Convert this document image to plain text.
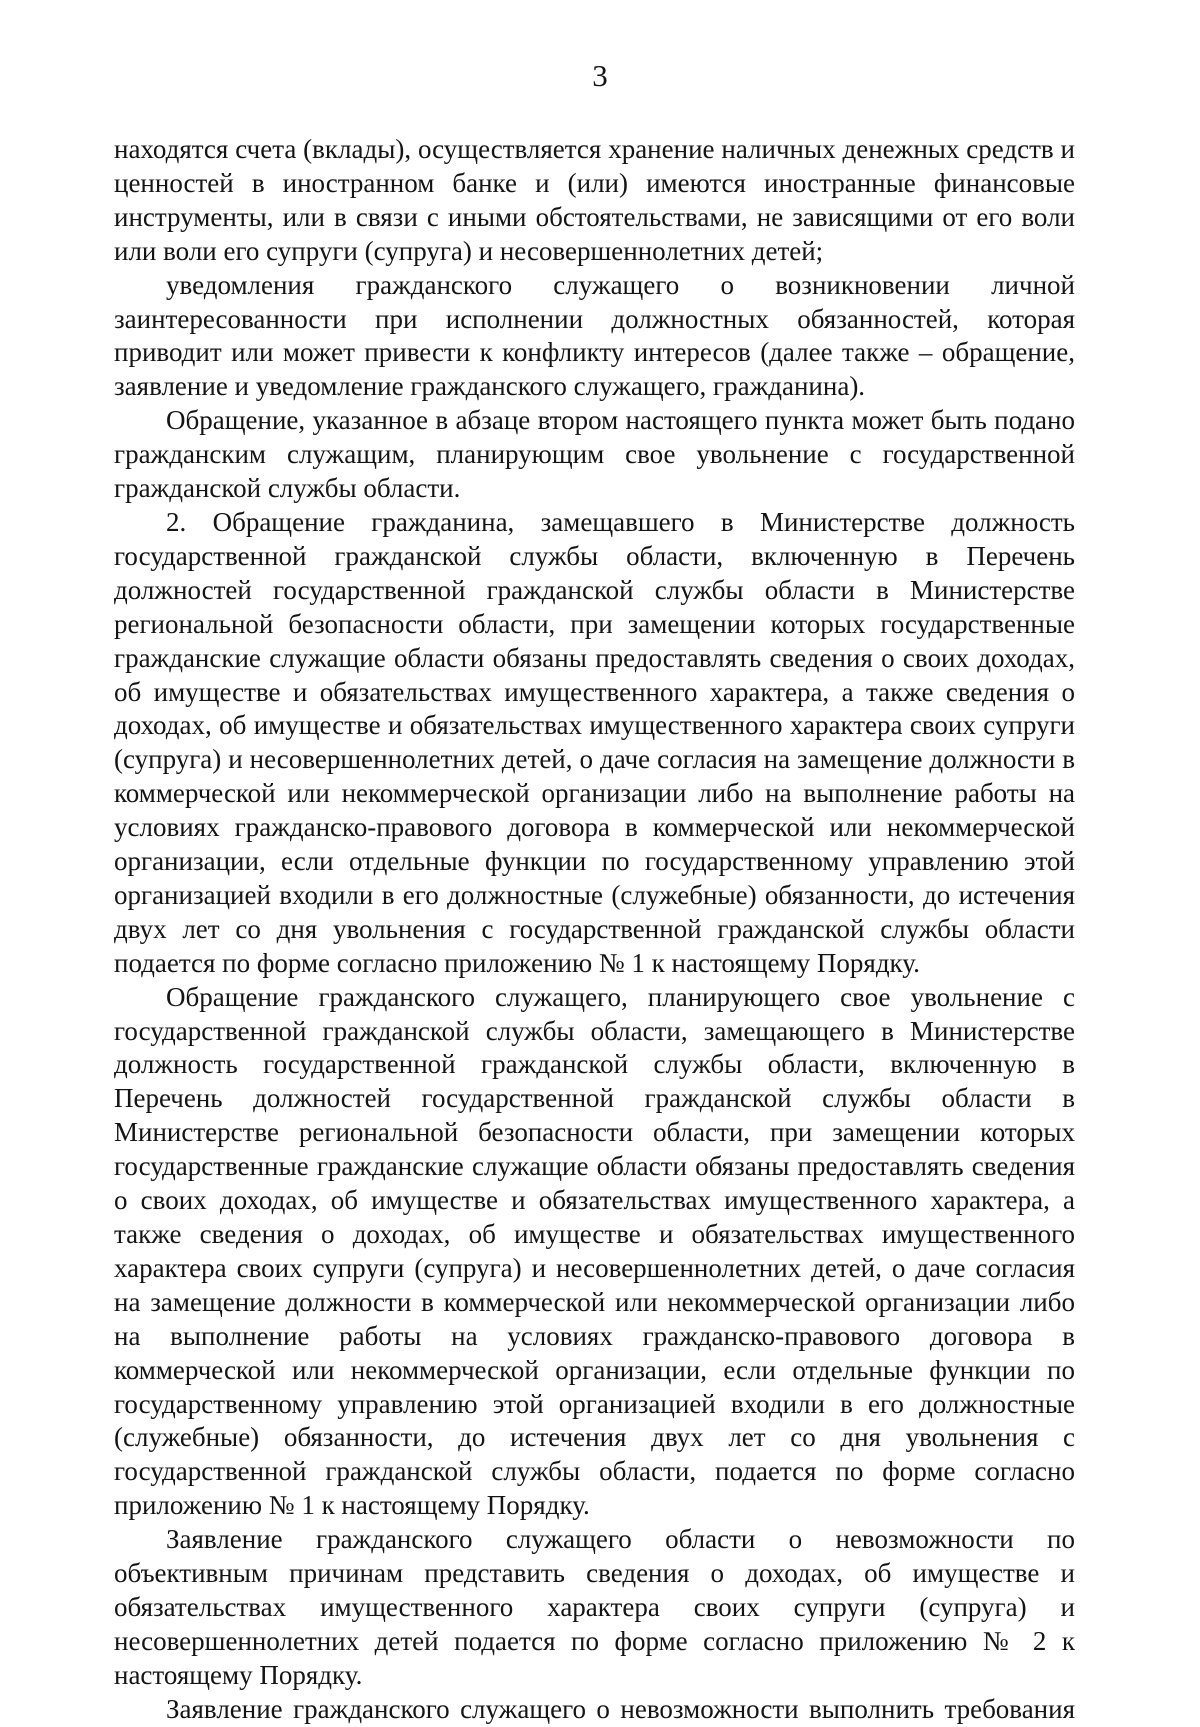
3

находятся счета (вклады), осуществляется хранение наличных денежных средств и ценностей в иностранном банке и (или) имеются иностранные финансовые инструменты, или в связи с иными обстоятельствами, не зависящими от его воли или воли его супруги (супруга) и несовершеннолетних детей;

уведомления гражданского служащего о возникновении личной заинтересованности при исполнении должностных обязанностей, которая приводит или может привести к конфликту интересов (далее также – обращение, заявление и уведомление гражданского служащего, гражданина).

Обращение, указанное в абзаце втором настоящего пункта может быть подано гражданским служащим, планирующим свое увольнение с государственной гражданской службы области.

2. Обращение гражданина, замещавшего в Министерстве должность государственной гражданской службы области, включенную в Перечень должностей государственной гражданской службы области в Министерстве региональной безопасности области, при замещении которых государственные гражданские служащие области обязаны предоставлять сведения о своих доходах, об имуществе и обязательствах имущественного характера, а также сведения о доходах, об имуществе и обязательствах имущественного характера своих супруги (супруга) и несовершеннолетних детей, о даче согласия на замещение должности в коммерческой или некоммерческой организации либо на выполнение работы на условиях гражданско-правового договора в коммерческой или некоммерческой организации, если отдельные функции по государственному управлению этой организацией входили в его должностные (служебные) обязанности, до истечения двух лет со дня увольнения с государственной гражданской службы области подается по форме согласно приложению № 1 к настоящему Порядку.

Обращение гражданского служащего, планирующего свое увольнение с государственной гражданской службы области, замещающего в Министерстве должность государственной гражданской службы области, включенную в Перечень должностей государственной гражданской службы области в Министерстве региональной безопасности области, при замещении которых государственные гражданские служащие области обязаны предоставлять сведения о своих доходах, об имуществе и обязательствах имущественного характера, а также сведения о доходах, об имуществе и обязательствах имущественного характера своих супруги (супруга) и несовершеннолетних детей, о даче согласия на замещение должности в коммерческой или некоммерческой организации либо на выполнение работы на условиях гражданско-правового договора в коммерческой или некоммерческой организации, если отдельные функции по государственному управлению этой организацией входили в его должностные (служебные) обязанности, до истечения двух лет со дня увольнения с государственной гражданской службы области, подается по форме согласно приложению № 1 к настоящему Порядку.

Заявление гражданского служащего области о невозможности по объективным причинам представить сведения о доходах, об имуществе и обязательствах имущественного характера своих супруги (супруга) и несовершеннолетних детей подается по форме согласно приложению № 2 к настоящему Порядку.

Заявление гражданского служащего о невозможности выполнить требования
